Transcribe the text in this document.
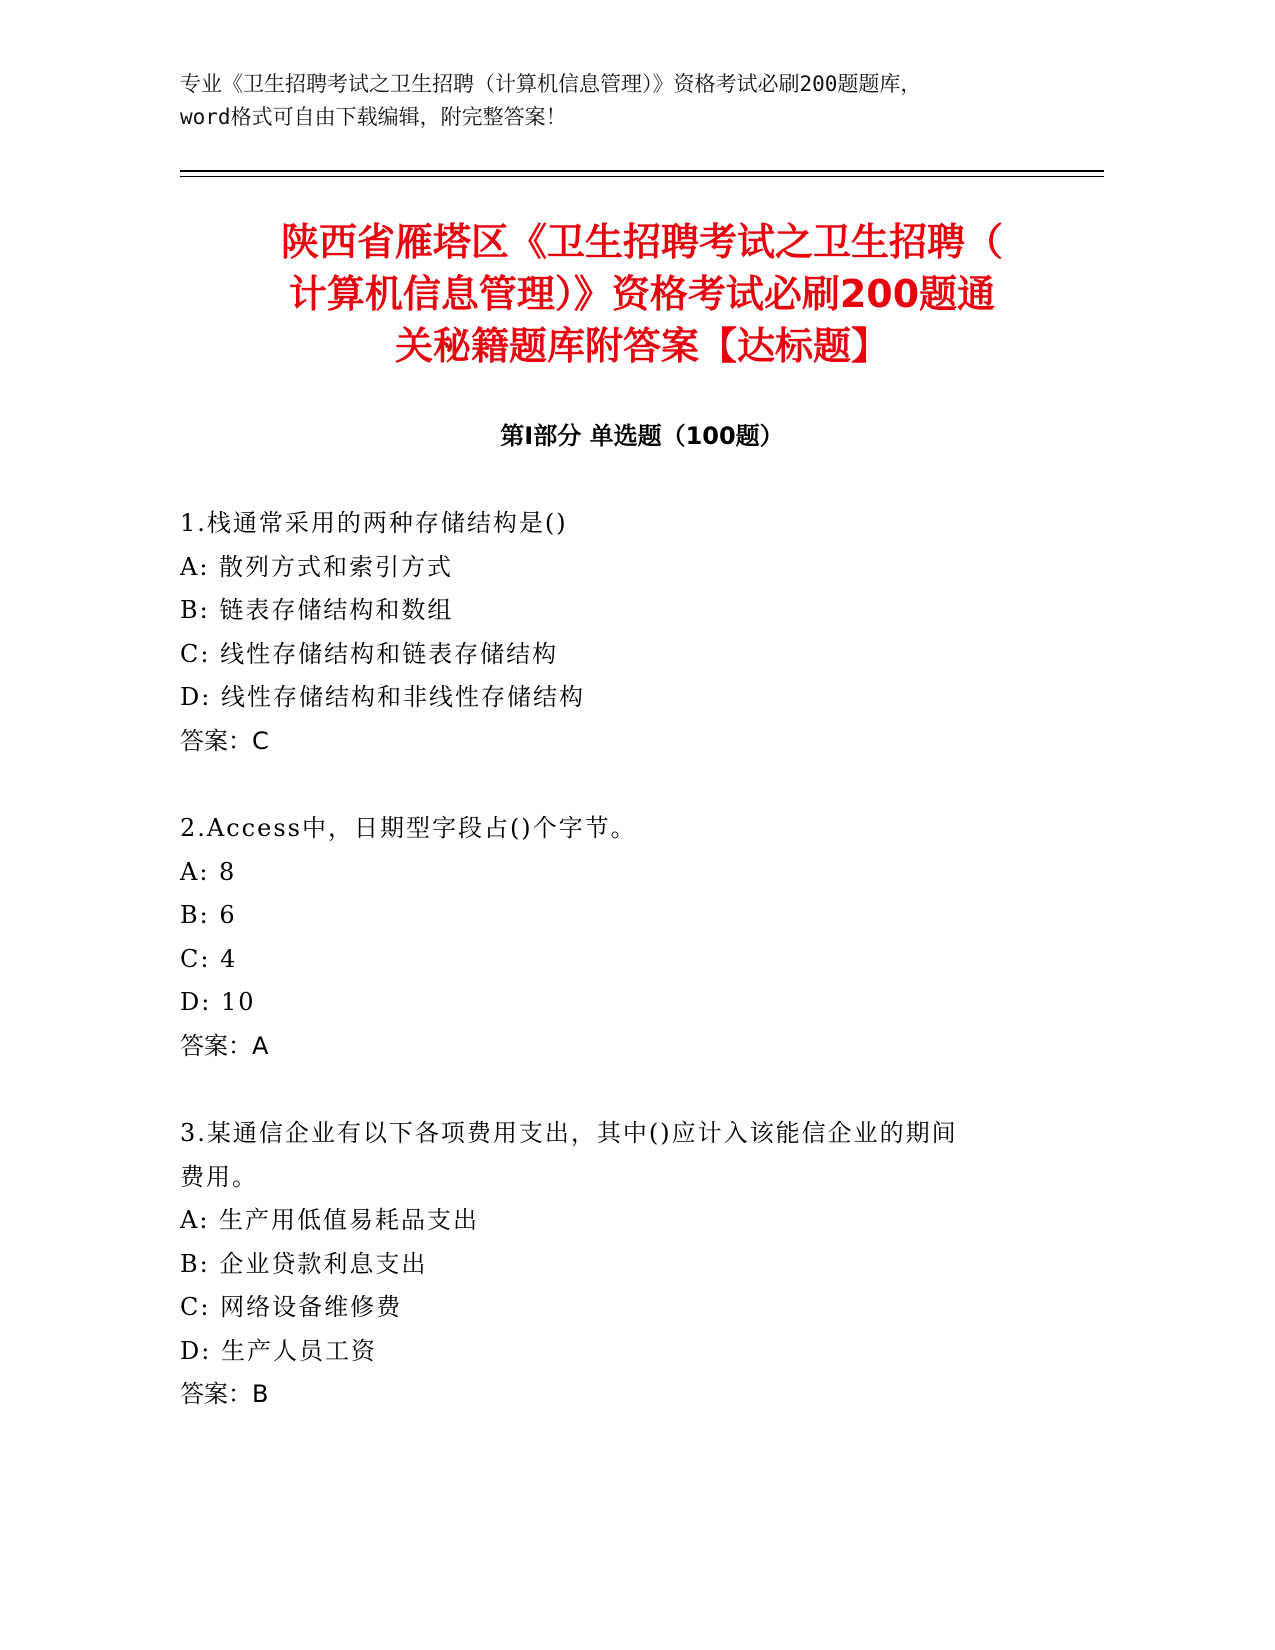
专业《卫生招聘考试之卫生招聘（计算机信息管理）》资格考试必刷200题题库，
word格式可自由下载编辑，附完整答案！
陕西省雁塔区《卫生招聘考试之卫生招聘（
计算机信息管理）》资格考试必刷200题通
关秘籍题库附答案【达标题】
第Ⅰ部分 单选题（100题）
1.栈通常采用的两种存储结构是()
A: 散列方式和索引方式
B: 链表存储结构和数组
C: 线性存储结构和链表存储结构
D: 线性存储结构和非线性存储结构
答案：C
2.Access中，日期型字段占()个字节。
A: 8
B: 6
C: 4
D: 10
答案：A
3.某通信企业有以下各项费用支出，其中()应计入该能信企业的期间
费用。
A: 生产用低值易耗品支出
B: 企业贷款利息支出
C: 网络设备维修费
D: 生产人员工资
答案：B
